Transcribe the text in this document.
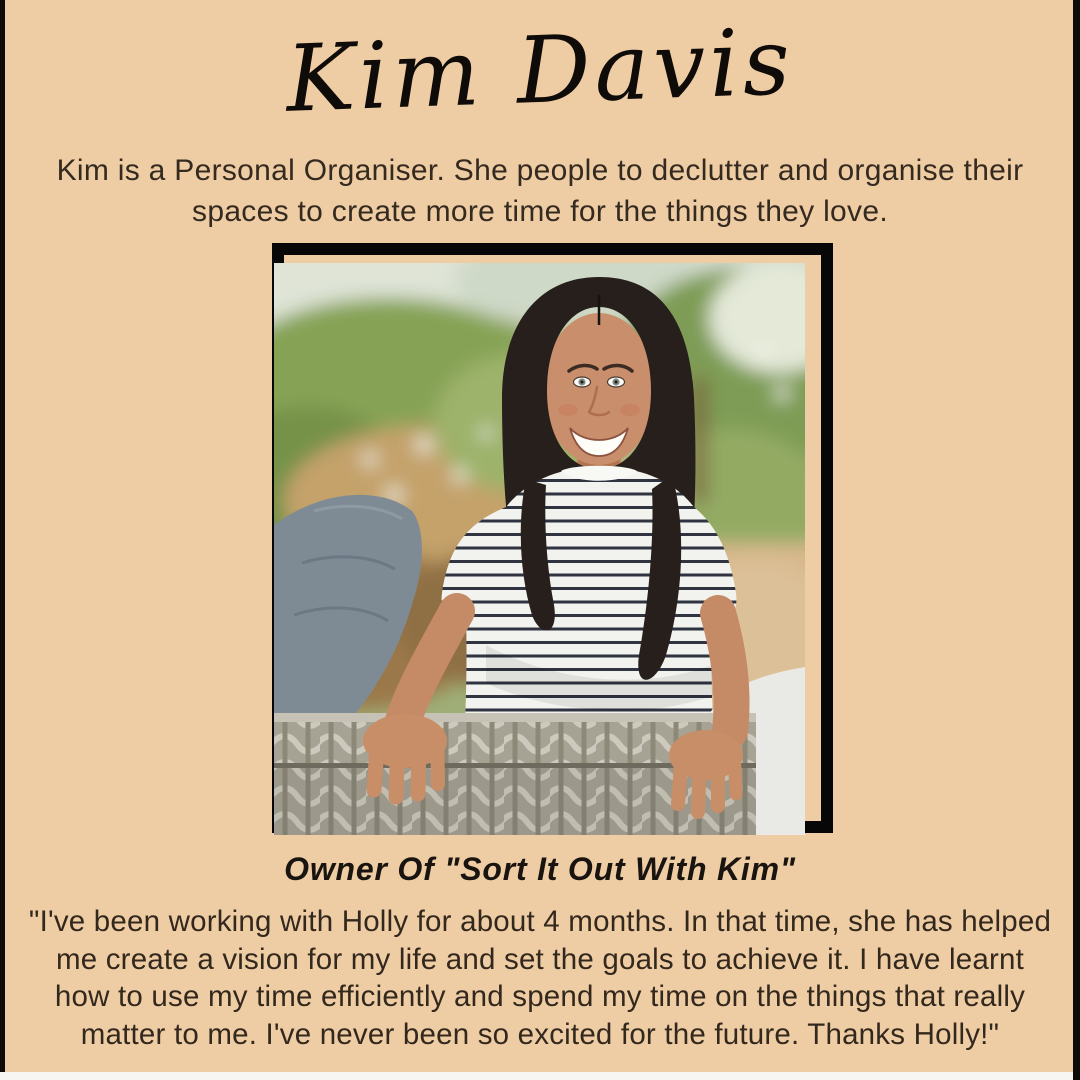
Kim Davis
Kim is a Personal Organiser. She people to declutter and organise their spaces to create more time for the things they love.
Owner Of "Sort It Out With Kim"
"I've been working with Holly for about 4 months. In that time, she has helped me create a vision for my life and set the goals to achieve it. I have learnt how to use my time efficiently and spend my time on the things that really matter to me. I've never been so excited for the future. Thanks Holly!"
